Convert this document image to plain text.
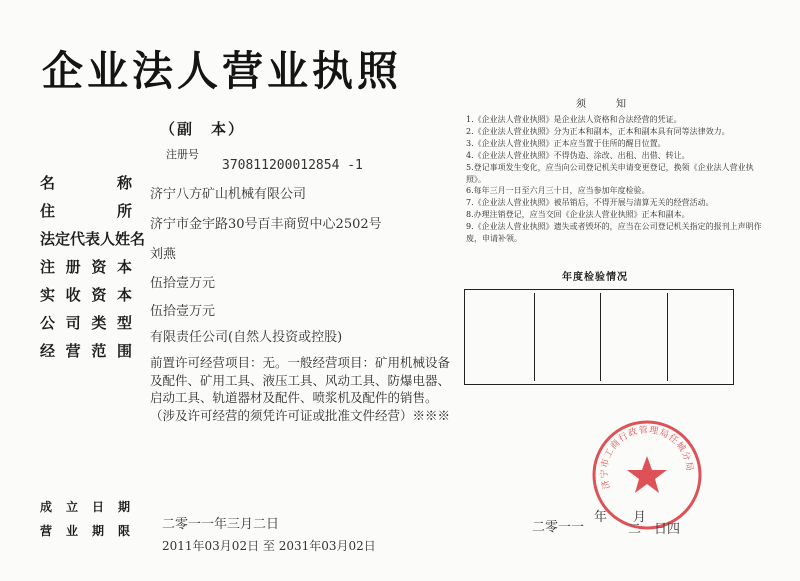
企业法人营业执照
（副　本）
注册号
370811200012854 -1
名	称
住	所
法定代表人姓名
注 册 资 本
实 收 资 本
公 司 类 型
经 营 范 围
成 立 日 期
营 业 期 限
济宁八方矿山机械有限公司
济宁市金宇路30号百丰商贸中心2502号
刘燕
伍拾壹万元
伍拾壹万元
有限责任公司(自然人投资或控股)
前置许可经营项目：无。一般经营项目：矿用机械设备及配件、矿用工具、液压工具、风动工具、防爆电器、启动工具、轨道器材及配件、喷浆机及配件的销售。（涉及许可经营的须凭许可证或批准文件经营）※※※
二零一一年三月二日
2011年03月02日 至 2031年03月02日
须　知
1.《企业法人营业执照》是企业法人资格和合法经营的凭证。
2.《企业法人营业执照》分为正本和副本，正本和副本具有同等法律效力。
3.《企业法人营业执照》正本应当置于住所的醒目位置。
4.《企业法人营业执照》不得伪造、涂改、出租、出借、转让。
5.登记事项发生变化，应当向公司登记机关申请变更登记，换领《企业法人营业执照》。
6.每年三月一日至六月三十日，应当参加年度检验。
7.《企业法人营业执照》被吊销后，不得开展与清算无关的经营活动。
8.办理注销登记，应当交回《企业法人营业执照》正本和副本。
9.《企业法人营业执照》遗失或者毁坏的，应当在公司登记机关指定的报刊上声明作废，申请补领。
年度检验情况
济宁市工商行政管理局任城分局
二零一一
年　　月
二　日四
